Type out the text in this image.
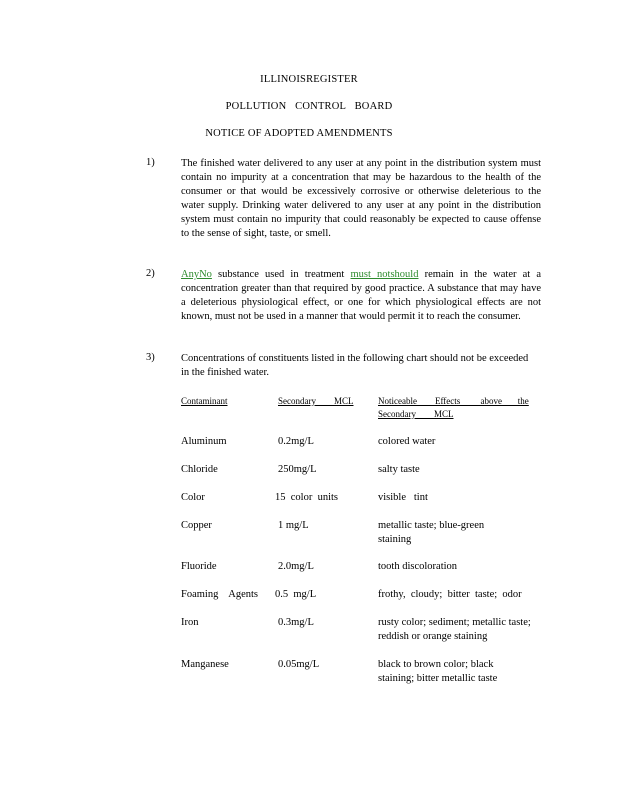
ILLINOISREGISTER
POLLUTION CONTROL BOARD
NOTICE OF ADOPTED AMENDMENTS
1)	The finished water delivered to any user at any point in the distribution system must contain no impurity at a concentration that may be hazardous to the health of the consumer or that would be excessively corrosive or otherwise deleterious to the water supply. Drinking water delivered to any user at any point in the distribution system must contain no impurity that could reasonably be expected to cause offense to the sense of sight, taste, or smell.
2)	AnyNo substance used in treatment must notshould remain in the water at a concentration greater than that required by good practice. A substance that may have a deleterious physiological effect, or one for which physiological effects are not known, must not be used in a manner that would permit it to reach the consumer.
3)	Concentrations of constituents listed in the following chart should not be exceeded in the finished water.
Contaminant	Secondary        MCL	Noticeable        Effects         above       the
Secondary        MCL
Aluminum	0.2mg/L	colored water
Chloride	250mg/L	salty taste
Color	15  color  units	visible   tint
Copper	1 mg/L	metallic taste; blue-green staining
Fluoride	2.0mg/L	tooth discoloration
Foaming    Agents 0.5  mg/L	frothy,  cloudy;  bitter  taste;  odor
Iron	0.3mg/L	rusty color; sediment; metallic taste; reddish or orange staining
Manganese	0.05mg/L	black to brown color; black staining; bitter metallic taste
